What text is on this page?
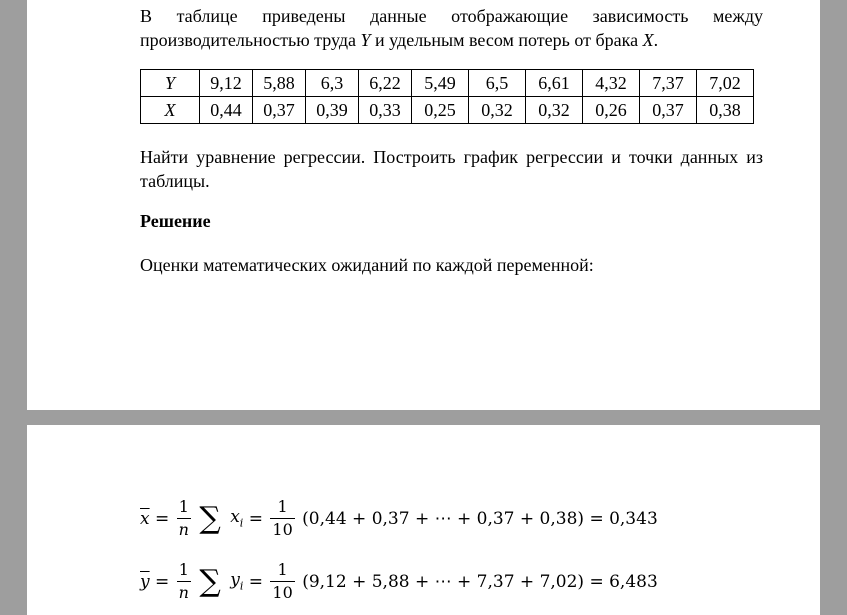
В таблице приведены данные отображающие зависимость между

производительностью труда Y и удельным весом потерь от брака X.

Y	9,12	5,88	6,3	6,22	5,49	6,5	6,61	4,32	7,37	7,02
X	0,44	0,37	0,39	0,33	0,25	0,32	0,32	0,26	0,37	0,38

Найти уравнение регрессии. Построить график регрессии и точки данных из

таблицы.

Решение

Оценки математических ожиданий по каждой переменной:

$\overline{x} = \frac{1}{n}$ ∑ $x_i = \frac{1}{10} (0,44 + 0,37$ + ⋯ + 0,37 + 0,38) = 0,343
$\overline{y} = \frac{1}{n}$ ∑ $y_i = \frac{1}{10} (9,12 + 5,88$ + ⋯ + 7,37 + 7,02) = 6,483
